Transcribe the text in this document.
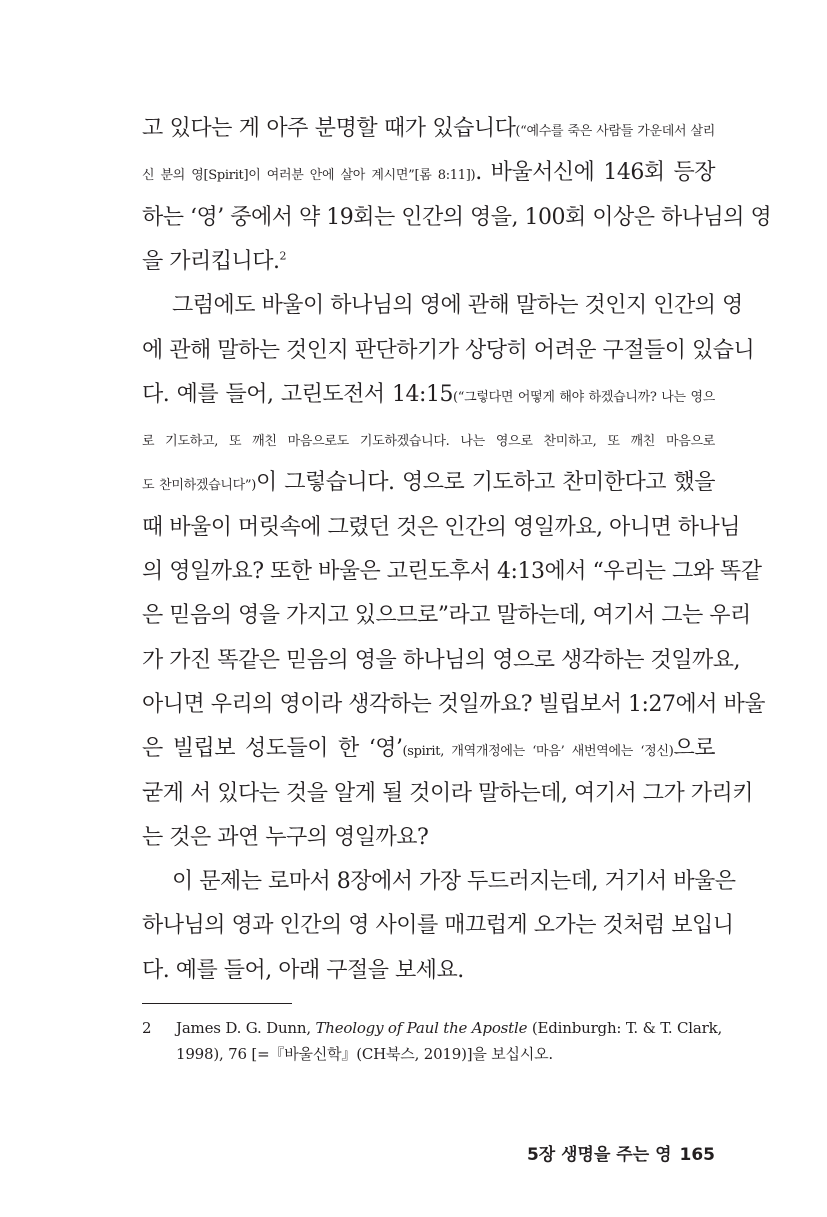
고 있다는 게 아주 분명할 때가 있습니다(“예수를 죽은 사람들 가운데서 살리
신 분의 영[Spirit]이 여러분 안에 살아 계시면”[롬 8:11]). 바울서신에 146회 등장
하는 ‘영’ 중에서 약 19회는 인간의 영을, 100회 이상은 하나님의 영
을 가리킵니다.$^2$
그럼에도 바울이 하나님의 영에 관해 말하는 것인지 인간의 영
에 관해 말하는 것인지 판단하기가 상당히 어려운 구절들이 있습니
다. 예를 들어, 고린도전서 14:15(“그렇다면 어떻게 해야 하겠습니까? 나는 영으
로 기도하고, 또 깨친 마음으로도 기도하겠습니다. 나는 영으로 찬미하고, 또 깨친 마음으로
도 찬미하겠습니다”)이 그렇습니다. 영으로 기도하고 찬미한다고 했을
때 바울이 머릿속에 그렸던 것은 인간의 영일까요, 아니면 하나님
의 영일까요? 또한 바울은 고린도후서 4:13에서 “우리는 그와 똑같
은 믿음의 영을 가지고 있으므로”라고 말하는데, 여기서 그는 우리
가 가진 똑같은 믿음의 영을 하나님의 영으로 생각하는 것일까요,
아니면 우리의 영이라 생각하는 것일까요? 빌립보서 1:27에서 바울
은 빌립보 성도들이 한 ‘영’(spirit, 개역개정에는 ‘마음’ 새번역에는 ‘정신)으로
굳게 서 있다는 것을 알게 될 것이라 말하는데, 여기서 그가 가리키
는 것은 과연 누구의 영일까요?
이 문제는 로마서 8장에서 가장 두드러지는데, 거기서 바울은
하나님의 영과 인간의 영 사이를 매끄럽게 오가는 것처럼 보입니
다. 예를 들어, 아래 구절을 보세요.
2 James D. G. Dunn, Theology of Paul the Apostle (Edinburgh: T. & T. Clark,
1998), 76 [=『바울신학』(CH북스, 2019)]을 보십시오.
5장 생명을 주는 영 165
